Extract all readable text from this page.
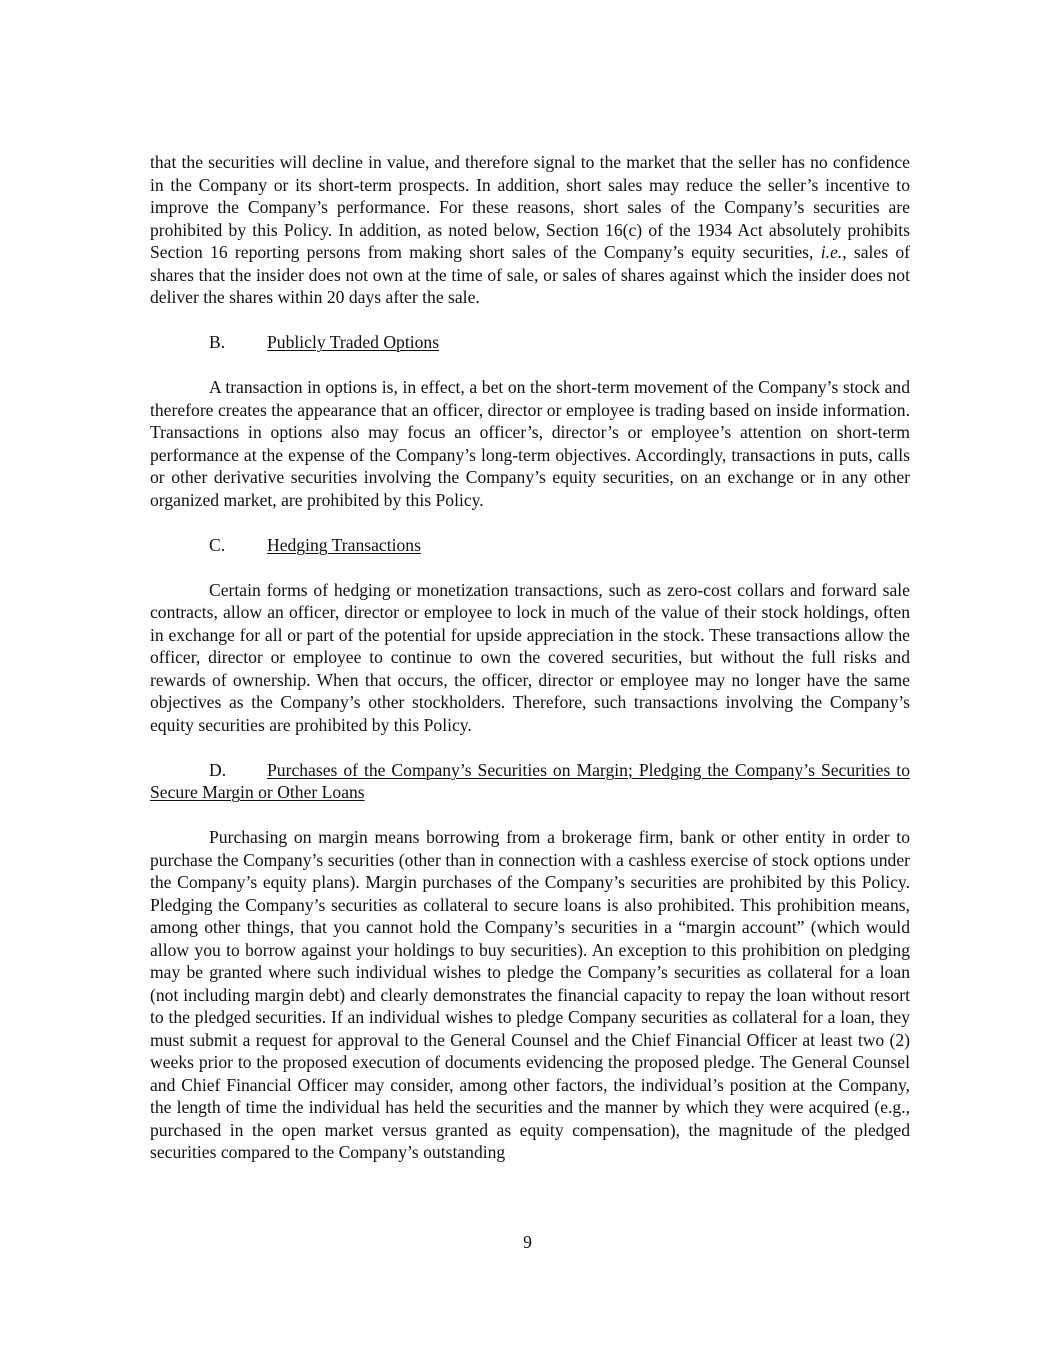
that the securities will decline in value, and therefore signal to the market that the seller has no confidence in the Company or its short-term prospects. In addition, short sales may reduce the seller’s incentive to improve the Company’s performance. For these reasons, short sales of the Company’s securities are prohibited by this Policy. In addition, as noted below, Section 16(c) of the 1934 Act absolutely prohibits Section 16 reporting persons from making short sales of the Company’s equity securities, i.e., sales of shares that the insider does not own at the time of sale, or sales of shares against which the insider does not deliver the shares within 20 days after the sale.

B. Publicly Traded Options

A transaction in options is, in effect, a bet on the short-term movement of the Company’s stock and therefore creates the appearance that an officer, director or employee is trading based on inside information. Transactions in options also may focus an officer’s, director’s or employee’s attention on short-term performance at the expense of the Company’s long-term objectives. Accordingly, transactions in puts, calls or other derivative securities involving the Company’s equity securities, on an exchange or in any other organized market, are prohibited by this Policy.

C. Hedging Transactions

Certain forms of hedging or monetization transactions, such as zero-cost collars and forward sale contracts, allow an officer, director or employee to lock in much of the value of their stock holdings, often in exchange for all or part of the potential for upside appreciation in the stock. These transactions allow the officer, director or employee to continue to own the covered securities, but without the full risks and rewards of ownership. When that occurs, the officer, director or employee may no longer have the same objectives as the Company’s other stockholders. Therefore, such transactions involving the Company’s equity securities are prohibited by this Policy.

D. Purchases of the Company’s Securities on Margin; Pledging the Company’s Securities to Secure Margin or Other Loans

Purchasing on margin means borrowing from a brokerage firm, bank or other entity in order to purchase the Company’s securities (other than in connection with a cashless exercise of stock options under the Company’s equity plans). Margin purchases of the Company’s securities are prohibited by this Policy. Pledging the Company’s securities as collateral to secure loans is also prohibited. This prohibition means, among other things, that you cannot hold the Company’s securities in a “margin account” (which would allow you to borrow against your holdings to buy securities). An exception to this prohibition on pledging may be granted where such individual wishes to pledge the Company’s securities as collateral for a loan (not including margin debt) and clearly demonstrates the financial capacity to repay the loan without resort to the pledged securities. If an individual wishes to pledge Company securities as collateral for a loan, they must submit a request for approval to the General Counsel and the Chief Financial Officer at least two (2) weeks prior to the proposed execution of documents evidencing the proposed pledge. The General Counsel and Chief Financial Officer may consider, among other factors, the individual’s position at the Company, the length of time the individual has held the securities and the manner by which they were acquired (e.g., purchased in the open market versus granted as equity compensation), the magnitude of the pledged securities compared to the Company’s outstanding

9
